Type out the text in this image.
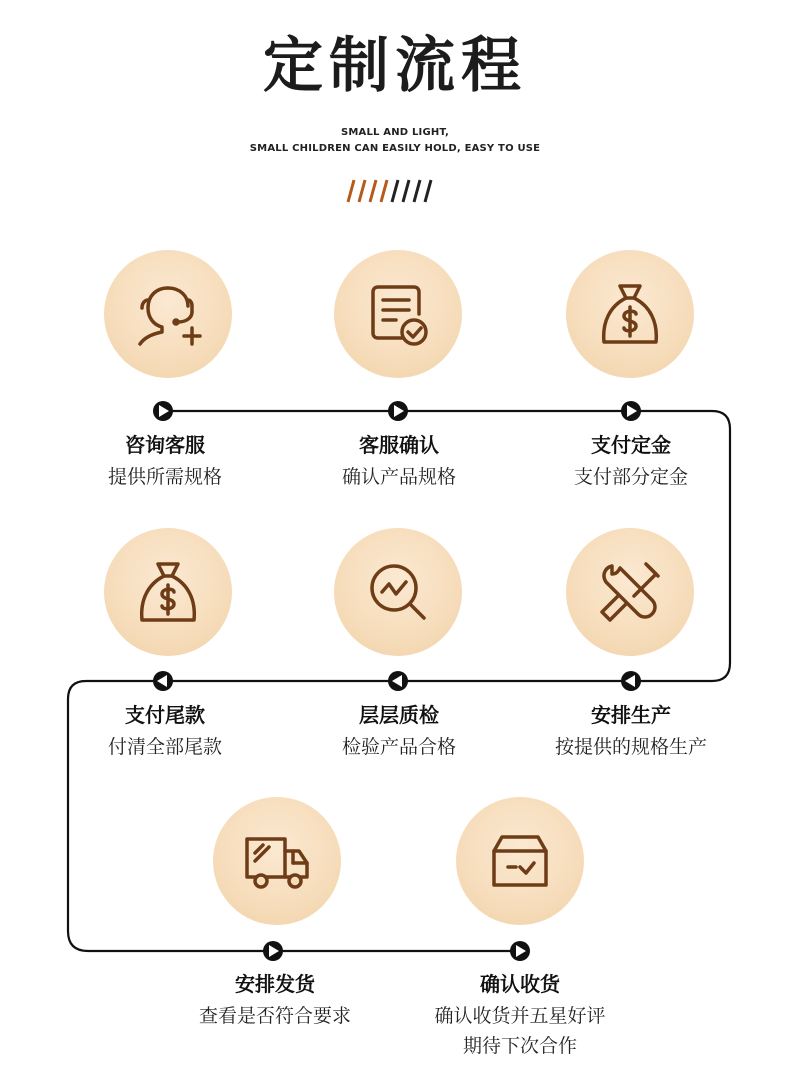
定制流程
SMALL AND LIGHT,
SMALL CHILDREN CAN EASILY HOLD, EASY TO USE
咨询客服
提供所需规格
客服确认
确认产品规格
支付定金
支付部分定金
支付尾款
付清全部尾款
层层质检
检验产品合格
安排生产
按提供的规格生产
安排发货
查看是否符合要求
确认收货
确认收货并五星好评
期待下次合作
